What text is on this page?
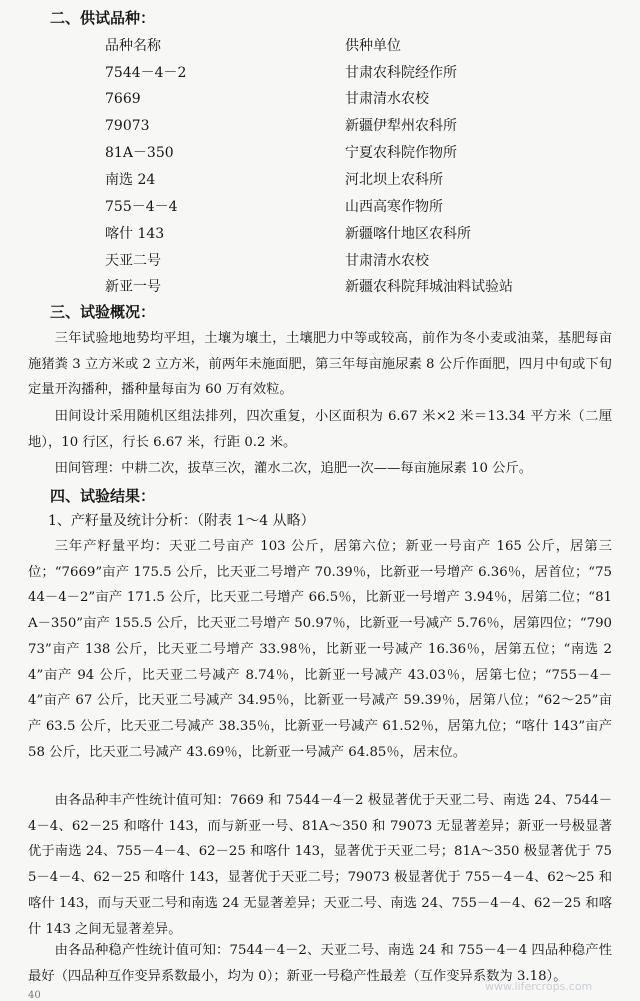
二、供试品种：
品种名称	供种单位
7544－4－2	甘肃农科院经作所
7669	甘肃清水农校
79073	新疆伊犁州农科所
81A－350	宁夏农科院作物所
南选 24	河北坝上农科所
755－4－4	山西高寒作物所
喀什 143	新疆喀什地区农科所
天亚二号	甘肃清水农校
新亚一号	新疆农科院拜城油料试验站
三、试验概况：
三年试验地地势均平坦，土壤为壤土，土壤肥力中等或较高，前作为冬小麦或油菜，基肥每亩施猪粪 3 立方米或 2 立方米，前两年未施面肥，第三年每亩施尿素 8 公斤作面肥，四月中旬或下旬定量开沟播种，播种量每亩为 60 万有效粒。
田间设计采用随机区组法排列，四次重复，小区面积为 6.67 米×2 米＝13.34 平方米（二厘地），10 行区，行长 6.67 米，行距 0.2 米。
田间管理：中耕二次，拔草三次，灌水二次，追肥一次——每亩施尿素 10 公斤。
四、试验结果：
1、产籽量及统计分析：（附表 1～4 从略）
三年产籽量平均：天亚二号亩产 103 公斤，居第六位；新亚一号亩产 165 公斤，居第三位；“7669”亩产 175.5 公斤，比天亚二号增产 70.39％，比新亚一号增产 6.36％，居首位；“7544－4－2”亩产 171.5 公斤，比天亚二号增产 66.5％，比新亚一号增产 3.94％，居第二位；“81A－350”亩产 155.5 公斤，比天亚二号增产 50.97％，比新亚一号减产 5.76％，居第四位；“79073”亩产 138 公斤，比天亚二号增产 33.98％，比新亚一号减产 16.36％，居第五位；“南选 24”亩产 94 公斤，比天亚二号减产 8.74％，比新亚一号减产 43.03％，居第七位；“755－4－4”亩产 67 公斤，比天亚二号减产 34.95％，比新亚一号减产 59.39％，居第八位；“62～25”亩产 63.5 公斤，比天亚二号减产 38.35％，比新亚一号减产 61.52％，居第九位；“喀什 143”亩产 58 公斤，比天亚二号减产 43.69％，比新亚一号减产 64.85％，居末位。
由各品种丰产性统计值可知：7669 和 7544－4－2 极显著优于天亚二号、南选 24、7544－4－4、62－25 和喀什 143，而与新亚一号、81A～350 和 79073 无显著差异；新亚一号极显著优于南选 24、755－4－4、62－25 和喀什 143，显著优于天亚二号；81A～350 极显著优于 755－4－4、62－25 和喀什 143，显著优于天亚二号；79073 极显著优于 755－4－4、62～25 和喀什 143，而与天亚二号和南选 24 无显著差异；天亚二号、南选 24、755－4－4、62－25 和喀什 143 之间无显著差异。
由各品种稳产性统计值可知：7544－4－2、天亚二号、南选 24 和 755－4－4 四品种稳产性最好（四品种互作变异系数最小，均为 0）；新亚一号稳产性最差（互作变异系数为 3.18）。
40
www.lifercrops.com
